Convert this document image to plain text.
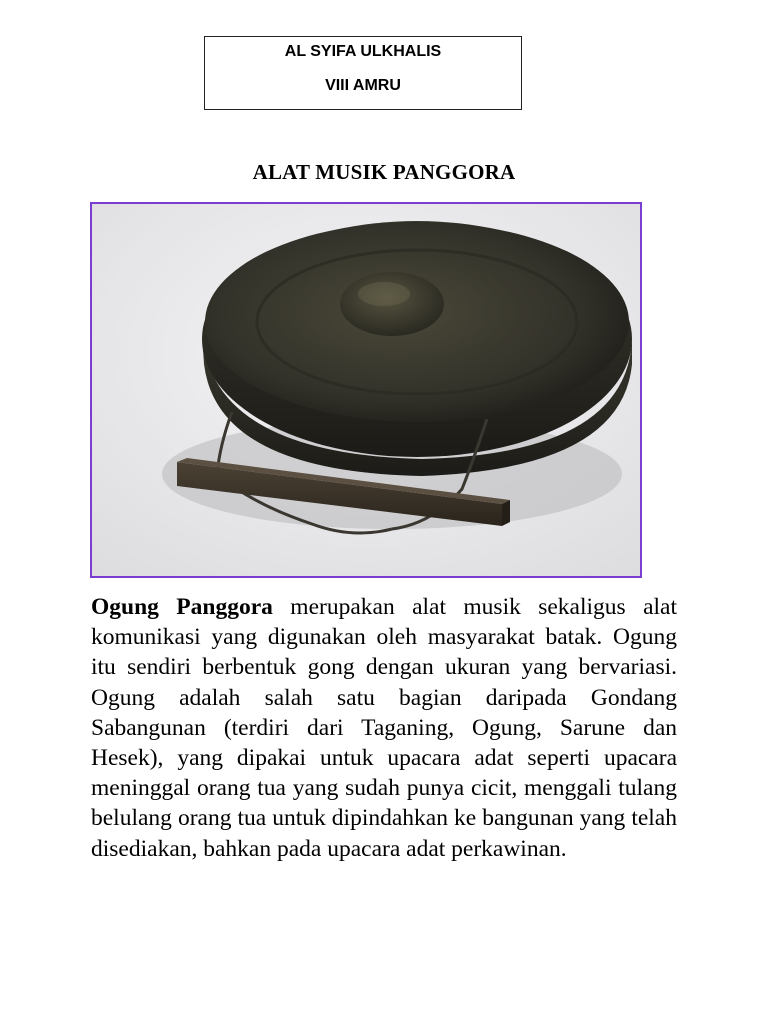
AL SYIFA ULKHALIS
VIII AMRU
ALAT MUSIK PANGGORA
Ogung Panggora merupakan alat musik sekaligus alat komunikasi yang digunakan oleh masyarakat batak. Ogung itu sendiri berbentuk gong dengan ukuran yang bervariasi. Ogung adalah salah satu bagian daripada Gondang Sabangunan (terdiri dari Taganing, Ogung, Sarune dan Hesek), yang dipakai untuk upacara adat seperti upacara meninggal orang tua yang sudah punya cicit, menggali tulang belulang orang tua untuk dipindahkan ke bangunan yang telah disediakan, bahkan pada upacara adat perkawinan.
